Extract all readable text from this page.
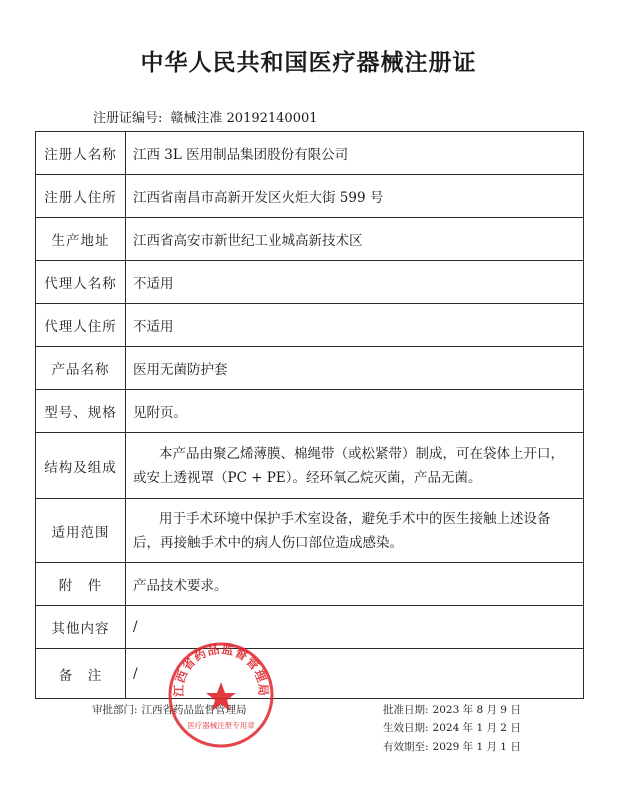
中华人民共和国医疗器械注册证
注册证编号: 赣械注准 20192140001
注册人名称	江西 3L 医用制品集团股份有限公司
注册人住所	江西省南昌市高新开发区火炬大街 599 号
生产地址	江西省高安市新世纪工业城高新技术区
代理人名称	不适用
代理人住所	不适用
产品名称	医用无菌防护套
型号、规格	见附页。
结构及组成	本产品由聚乙烯薄膜、棉绳带（或松紧带）制成，可在袋体上开口，或安上透视罩（PC + PE）。经环氧乙烷灭菌，产品无菌。
适用范围	用于手术环境中保护手术室设备，避免手术中的医生接触上述设备后，再接触手术中的病人伤口部位造成感染。
附　件	产品技术要求。
其他内容	/
备　注	/
审批部门: 江西省药品监督管理局	批准日期: 2023 年 8 月 9 日
生效日期: 2024 年 1 月 2 日
有效期至: 2029 年 1 月 1 日
江西省药品监督管理局
医疗器械注册专用章
